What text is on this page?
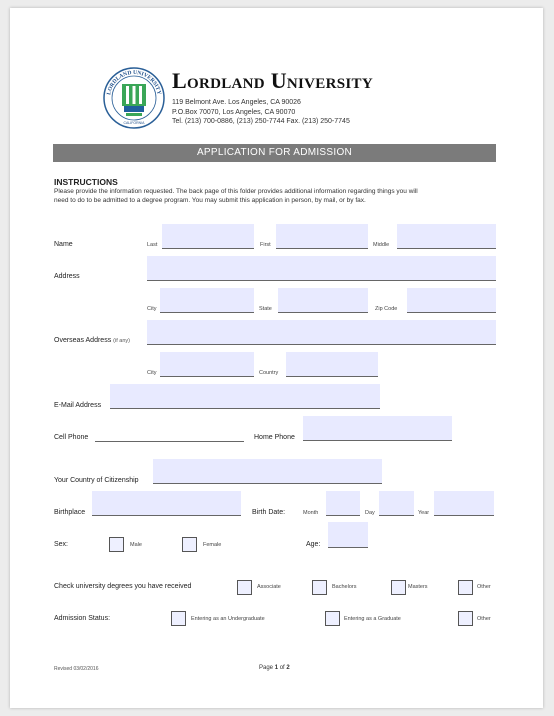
LORDLAND UNIVERSITY
CALIFORNIA
Lordland University
119 Belmont Ave. Los Angeles, CA 90026
P.O.Box 70070, Los Angeles, CA 90070
Tel. (213) 700-0886, (213) 250-7744 Fax. (213) 250-7745
APPLICATION FOR ADMISSION
INSTRUCTIONS
Please provide the information requested. The back page of this folder provides additional information regarding things you will
need to do to be admitted to a degree program. You may submit this application in person, by mail, or by fax.
Name	Last	First	Middle
Address
City	State	Zip Code
Overseas Address (if any)
City	Country
E-Mail Address
Cell Phone	Home Phone
Your Country of Citizenship
Birthplace	Birth Date:	Month	Day	Year
Sex:	Male	Female	Age:
Check university degrees you have received	Associate	Bachelors	Masters	Other
Admission Status:	Entering as an Undergraduate	Entering as a Graduate	Other
Revised 03/02/2016	Page 1 of 2
